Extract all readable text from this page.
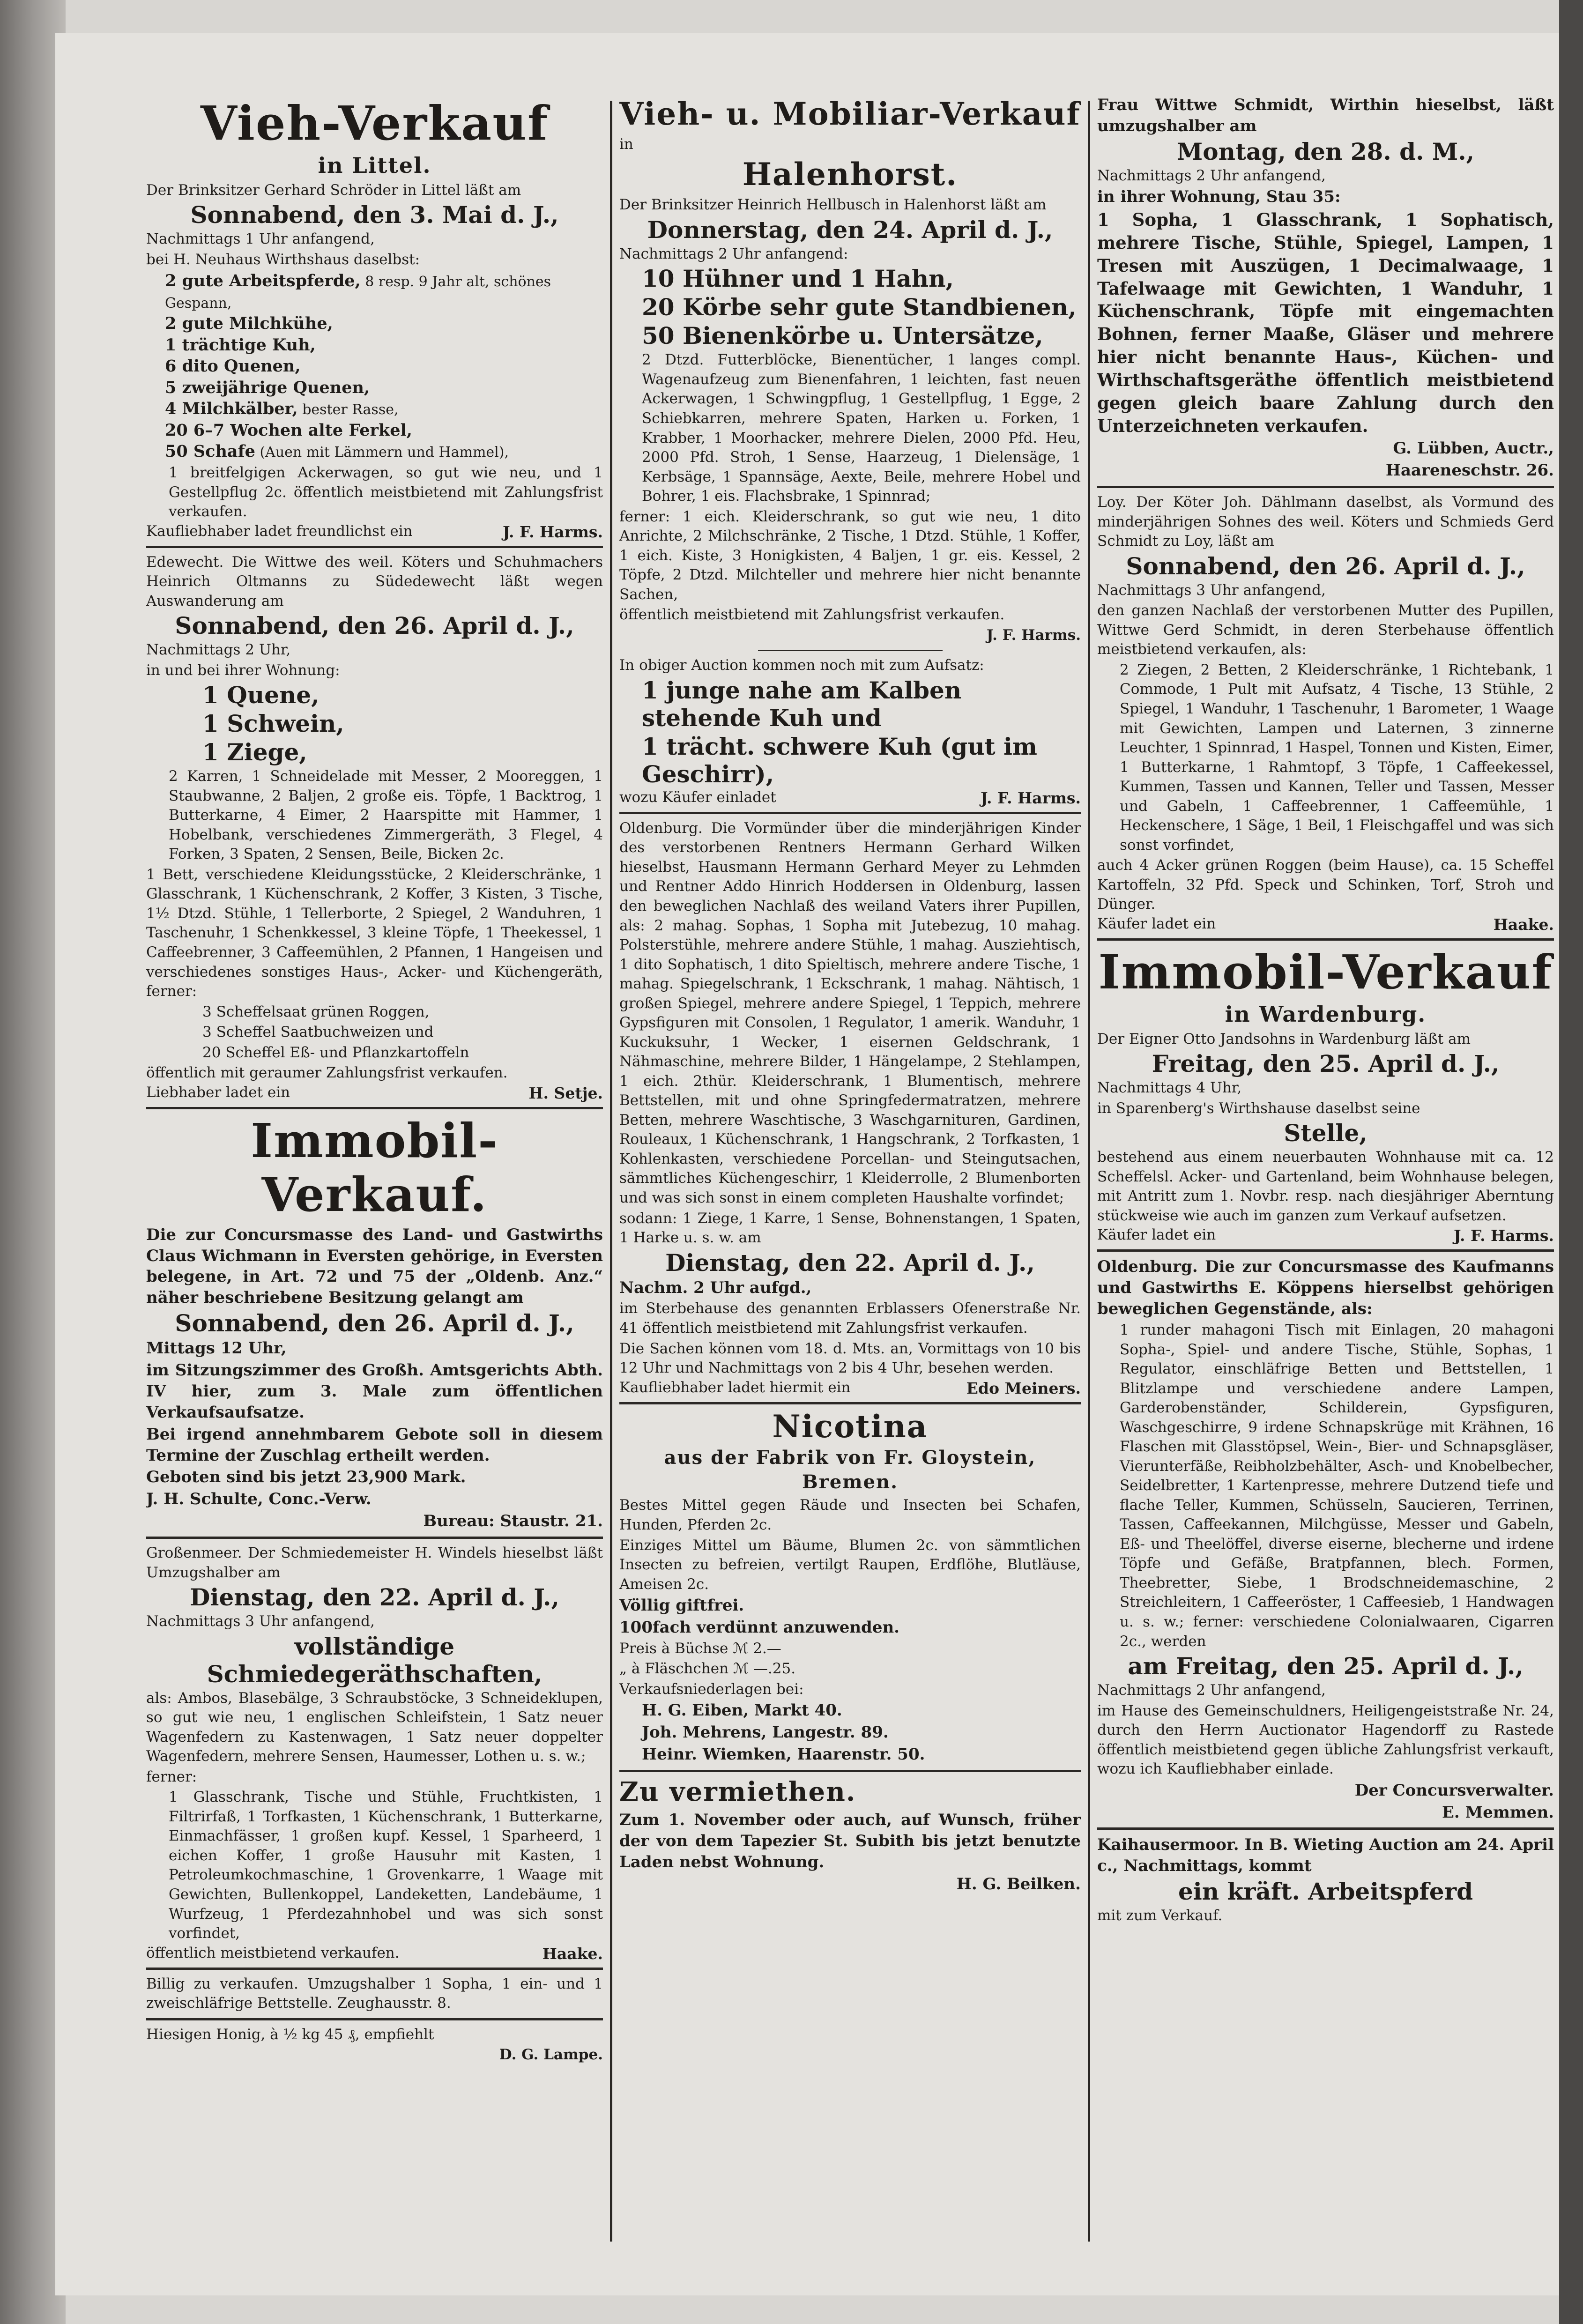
Vieh-Verkauf
in Littel.

Der Brinksitzer Gerhard Schröder in Littel läßt am

Sonnabend, den 3. Mai d. J.,

Nachmittags 1 Uhr anfangend,

bei H. Neuhaus Wirthshaus daselbst:

2 gute Arbeitspferde, 8 resp. 9 Jahr alt, schönes Gespann,

2 gute Milchkühe,

1 trächtige Kuh,

6 dito Quenen,

5 zweijährige Quenen,

4 Milchkälber, bester Rasse,

20 6–7 Wochen alte Ferkel,

50 Schafe (Auen mit Lämmern und Hammel),

1 breitfelgigen Ackerwagen, so gut wie neu, und 1 Gestellpflug 2c. öffentlich meistbietend mit Zahlungsfrist verkaufen.

Kaufliebhaber ladet freundlichst ein	J. F. Harms.

Edewecht. Die Wittwe des weil. Köters und Schuhmachers Heinrich Oltmanns zu Südedewecht läßt wegen Auswanderung am

Sonnabend, den 26. April d. J.,

Nachmittags 2 Uhr,

in und bei ihrer Wohnung:

1 Quene,
1 Schwein,
1 Ziege,

2 Karren, 1 Schneidelade mit Messer, 2 Mooreggen, 1 Staubwanne, 2 Baljen, 2 große eis. Töpfe, 1 Backtrog, 1 Butterkarne, 4 Eimer, 2 Haarspitte mit Hammer, 1 Hobelbank, verschiedenes Zimmergeräth, 3 Flegel, 4 Forken, 3 Spaten, 2 Sensen, Beile, Bicken 2c.

1 Bett, verschiedene Kleidungsstücke, 2 Kleiderschränke, 1 Glasschrank, 1 Küchenschrank, 2 Koffer, 3 Kisten, 3 Tische, 1½ Dtzd. Stühle, 1 Tellerborte, 2 Spiegel, 2 Wanduhren, 1 Taschenuhr, 1 Schenkkessel, 3 kleine Töpfe, 1 Theekessel, 1 Caffeebrenner, 3 Caffeemühlen, 2 Pfannen, 1 Hangeisen und verschiedenes sonstiges Haus-, Acker- und Küchengeräth, ferner:

3 Scheffelsaat grünen Roggen,

3 Scheffel Saatbuchweizen und

20 Scheffel Eß- und Pflanzkartoffeln

öffentlich mit geraumer Zahlungsfrist verkaufen.

Liebhaber ladet ein	H. Setje.
Immobil-Verkauf.

Die zur Concursmasse des Land- und Gastwirths Claus Wichmann in Eversten gehörige, in Eversten belegene, in Art. 72 und 75 der „Oldenb. Anz.“ näher beschriebene Besitzung gelangt am

Sonnabend, den 26. April d. J.,

Mittags 12 Uhr,

im Sitzungszimmer des Großh. Amtsgerichts Abth. IV hier, zum 3. Male zum öffentlichen Verkaufsaufsatze.

Bei irgend annehmbarem Gebote soll in diesem Termine der Zuschlag ertheilt werden.

Geboten sind bis jetzt 23,900 Mark.

J. H. Schulte, Conc.-Verw.

Bureau: Staustr. 21.

Großenmeer. Der Schmiedemeister H. Windels hieselbst läßt Umzugshalber am

Dienstag, den 22. April d. J.,

Nachmittags 3 Uhr anfangend,

vollständige Schmiedegeräthschaften,

als: Ambos, Blasebälge, 3 Schraubstöcke, 3 Schneideklupen, so gut wie neu, 1 englischen Schleifstein, 1 Satz neuer Wagenfedern zu Kastenwagen, 1 Satz neuer doppelter Wagenfedern, mehrere Sensen, Haumesser, Lothen u. s. w.;

ferner:

1 Glasschrank, Tische und Stühle, Fruchtkisten, 1 Filtrirfaß, 1 Torfkasten, 1 Küchenschrank, 1 Butterkarne, Einmachfässer, 1 großen kupf. Kessel, 1 Sparheerd, 1 eichen Koffer, 1 große Hausuhr mit Kasten, 1 Petroleumkochmaschine, 1 Grovenkarre, 1 Waage mit Gewichten, Bullenkoppel, Landeketten, Landebäume, 1 Wurfzeug, 1 Pferdezahnhobel und was sich sonst vorfindet,

öffentlich meistbietend verkaufen.	Haake.

Billig zu verkaufen. Umzugshalber 1 Sopha, 1 ein- und 1 zweischläfrige Bettstelle. Zeughausstr. 8.

Hiesigen Honig, à ½ kg 45 ₰, empfiehlt

D. G. Lampe.

Vieh- u. Mobiliar-Verkauf

in

Halenhorst.

Der Brinksitzer Heinrich Hellbusch in Halenhorst läßt am

Donnerstag, den 24. April d. J.,

Nachmittags 2 Uhr anfangend:

10 Hühner und 1 Hahn,
20 Körbe sehr gute Standbienen,
50 Bienenkörbe u. Untersätze,

2 Dtzd. Futterblöcke, Bienentücher, 1 langes compl. Wagenaufzeug zum Bienenfahren, 1 leichten, fast neuen Ackerwagen, 1 Schwingpflug, 1 Gestellpflug, 1 Egge, 2 Schiebkarren, mehrere Spaten, Harken u. Forken, 1 Krabber, 1 Moorhacker, mehrere Dielen, 2000 Pfd. Heu, 2000 Pfd. Stroh, 1 Sense, Haarzeug, 1 Dielensäge, 1 Kerbsäge, 1 Spannsäge, Aexte, Beile, mehrere Hobel und Bohrer, 1 eis. Flachsbrake, 1 Spinnrad;

ferner: 1 eich. Kleiderschrank, so gut wie neu, 1 dito Anrichte, 2 Milchschränke, 2 Tische, 1 Dtzd. Stühle, 1 Koffer, 1 eich. Kiste, 3 Honigkisten, 4 Baljen, 1 gr. eis. Kessel, 2 Töpfe, 2 Dtzd. Milchteller und mehrere hier nicht benannte Sachen,

öffentlich meistbietend mit Zahlungsfrist verkaufen.

J. F. Harms.

In obiger Auction kommen noch mit zum Aufsatz:

1 junge nahe am Kalben stehende Kuh und
1 trächt. schwere Kuh (gut im Geschirr),
wozu Käufer einladet	J. F. Harms.

Oldenburg. Die Vormünder über die minderjährigen Kinder des verstorbenen Rentners Hermann Gerhard Wilken hieselbst, Hausmann Hermann Gerhard Meyer zu Lehmden und Rentner Addo Hinrich Hoddersen in Oldenburg, lassen den beweglichen Nachlaß des weiland Vaters ihrer Pupillen, als: 2 mahag. Sophas, 1 Sopha mit Jutebezug, 10 mahag. Polsterstühle, mehrere andere Stühle, 1 mahag. Ausziehtisch, 1 dito Sophatisch, 1 dito Spieltisch, mehrere andere Tische, 1 mahag. Spiegelschrank, 1 Eckschrank, 1 mahag. Nähtisch, 1 großen Spiegel, mehrere andere Spiegel, 1 Teppich, mehrere Gypsfiguren mit Consolen, 1 Regulator, 1 amerik. Wanduhr, 1 Kuckuksuhr, 1 Wecker, 1 eisernen Geldschrank, 1 Nähmaschine, mehrere Bilder, 1 Hängelampe, 2 Stehlampen, 1 eich. 2thür. Kleiderschrank, 1 Blumentisch, mehrere Bettstellen, mit und ohne Springfedermatratzen, mehrere Betten, mehrere Waschtische, 3 Waschgarnituren, Gardinen, Rouleaux, 1 Küchenschrank, 1 Hangschrank, 2 Torfkasten, 1 Kohlenkasten, verschiedene Porcellan- und Steingutsachen, sämmtliches Küchengeschirr, 1 Kleiderrolle, 2 Blumenborten und was sich sonst in einem completen Haushalte vorfindet;

sodann: 1 Ziege, 1 Karre, 1 Sense, Bohnenstangen, 1 Spaten, 1 Harke u. s. w. am

Dienstag, den 22. April d. J.,

Nachm. 2 Uhr aufgd.,

im Sterbehause des genannten Erblassers Ofenerstraße Nr. 41 öffentlich meistbietend mit Zahlungsfrist verkaufen.

Die Sachen können vom 18. d. Mts. an, Vormittags von 10 bis 12 Uhr und Nachmittags von 2 bis 4 Uhr, besehen werden.

Kaufliebhaber ladet hiermit ein	Edo Meiners.
Nicotina
aus der Fabrik von Fr. Gloystein,
Bremen.

Bestes Mittel gegen Räude und Insecten bei Schafen, Hunden, Pferden 2c.

Einziges Mittel um Bäume, Blumen 2c. von sämmtlichen Insecten zu befreien, vertilgt Raupen, Erdflöhe, Blutläuse, Ameisen 2c.

Völlig giftfrei.

100fach verdünnt anzuwenden.

Preis à Büchse ℳ 2.—

„ à Fläschchen ℳ —.25.

Verkaufsniederlagen bei:

H. G. Eiben, Markt 40.

Joh. Mehrens, Langestr. 89.

Heinr. Wiemken, Haarenstr. 50.

Zu vermiethen.

Zum 1. November oder auch, auf Wunsch, früher der von dem Tapezier St. Subith bis jetzt benutzte Laden nebst Wohnung.

H. G. Beilken.

Frau Wittwe Schmidt, Wirthin hieselbst, läßt umzugshalber am

Montag, den 28. d. M.,

Nachmittags 2 Uhr anfangend,

in ihrer Wohnung, Stau 35:

1 Sopha, 1 Glasschrank, 1 Sophatisch, mehrere Tische, Stühle, Spiegel, Lampen, 1 Tresen mit Auszügen, 1 Decimalwaage, 1 Tafelwaage mit Gewichten, 1 Wanduhr, 1 Küchenschrank, Töpfe mit eingemachten Bohnen, ferner Maaße, Gläser und mehrere hier nicht benannte Haus-, Küchen- und Wirthschaftsgeräthe öffentlich meistbietend gegen gleich baare Zahlung durch den Unterzeichneten verkaufen.

G. Lübben, Auctr.,

Haareneschstr. 26.

Loy. Der Köter Joh. Dählmann daselbst, als Vormund des minderjährigen Sohnes des weil. Köters und Schmieds Gerd Schmidt zu Loy, läßt am

Sonnabend, den 26. April d. J.,

Nachmittags 3 Uhr anfangend,

den ganzen Nachlaß der verstorbenen Mutter des Pupillen, Wittwe Gerd Schmidt, in deren Sterbehause öffentlich meistbietend verkaufen, als:

2 Ziegen, 2 Betten, 2 Kleiderschränke, 1 Richtebank, 1 Commode, 1 Pult mit Aufsatz, 4 Tische, 13 Stühle, 2 Spiegel, 1 Wanduhr, 1 Taschenuhr, 1 Barometer, 1 Waage mit Gewichten, Lampen und Laternen, 3 zinnerne Leuchter, 1 Spinnrad, 1 Haspel, Tonnen und Kisten, Eimer, 1 Butterkarne, 1 Rahmtopf, 3 Töpfe, 1 Caffeekessel, Kummen, Tassen und Kannen, Teller und Tassen, Messer und Gabeln, 1 Caffeebrenner, 1 Caffeemühle, 1 Heckenschere, 1 Säge, 1 Beil, 1 Fleischgaffel und was sich sonst vorfindet,

auch 4 Acker grünen Roggen (beim Hause), ca. 15 Scheffel Kartoffeln, 32 Pfd. Speck und Schinken, Torf, Stroh und Dünger.

Käufer ladet ein	Haake.
Immobil-Verkauf
in Wardenburg.

Der Eigner Otto Jandsohns in Wardenburg läßt am

Freitag, den 25. April d. J.,

Nachmittags 4 Uhr,

in Sparenberg's Wirthshause daselbst seine

Stelle,

bestehend aus einem neuerbauten Wohnhause mit ca. 12 Scheffelsl. Acker- und Gartenland, beim Wohnhause belegen, mit Antritt zum 1. Novbr. resp. nach diesjähriger Aberntung stückweise wie auch im ganzen zum Verkauf aufsetzen.

Käufer ladet ein	J. F. Harms.

Oldenburg. Die zur Concursmasse des Kaufmanns und Gastwirths E. Köppens hierselbst gehörigen beweglichen Gegenstände, als:

1 runder mahagoni Tisch mit Einlagen, 20 mahagoni Sopha-, Spiel- und andere Tische, Stühle, Sophas, 1 Regulator, einschläfrige Betten und Bettstellen, 1 Blitzlampe und verschiedene andere Lampen, Garderobenständer, Schilderein, Gypsfiguren, Waschgeschirre, 9 irdene Schnapskrüge mit Krähnen, 16 Flaschen mit Glasstöpsel, Wein-, Bier- und Schnapsgläser, Vierunterfäße, Reibholzbehälter, Asch- und Knobelbecher, Seidelbretter, 1 Kartenpresse, mehrere Dutzend tiefe und flache Teller, Kummen, Schüsseln, Saucieren, Terrinen, Tassen, Caffeekannen, Milchgüsse, Messer und Gabeln, Eß- und Theelöffel, diverse eiserne, blecherne und irdene Töpfe und Gefäße, Bratpfannen, blech. Formen, Theebretter, Siebe, 1 Brodschneidemaschine, 2 Streichleitern, 1 Caffeeröster, 1 Caffeesieb, 1 Handwagen u. s. w.; ferner: verschiedene Colonialwaaren, Cigarren 2c., werden

am Freitag, den 25. April d. J.,

Nachmittags 2 Uhr anfangend,

im Hause des Gemeinschuldners, Heiligengeiststraße Nr. 24, durch den Herrn Auctionator Hagendorff zu Rastede öffentlich meistbietend gegen übliche Zahlungsfrist verkauft, wozu ich Kaufliebhaber einlade.

Der Concursverwalter.

E. Memmen.

Kaihausermoor. In B. Wieting Auction am 24. April c., Nachmittags, kommt

ein kräft. Arbeitspferd

mit zum Verkauf.
